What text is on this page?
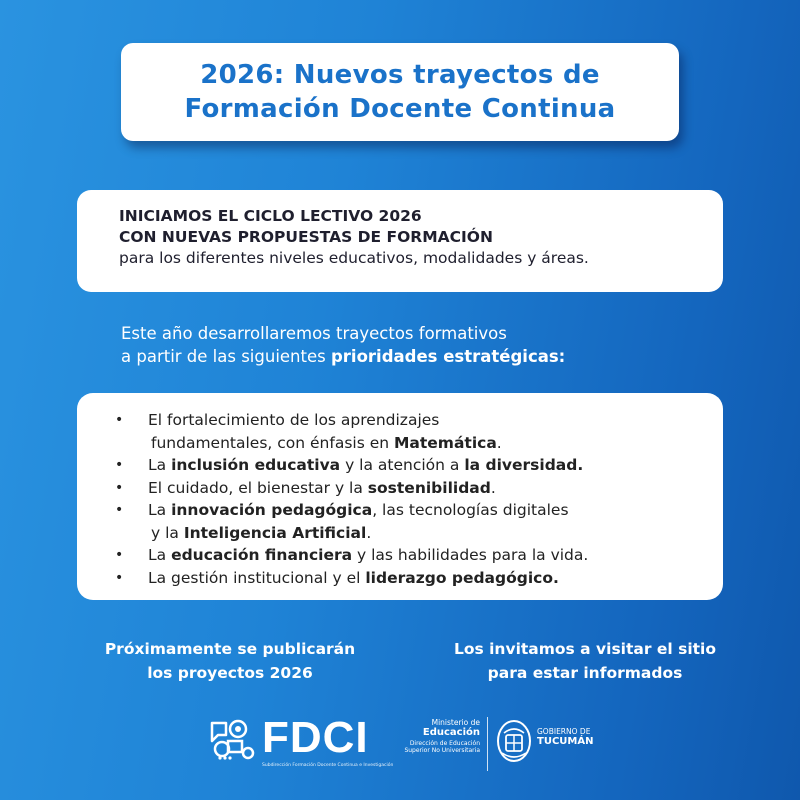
2026: Nuevos trayectos de
Formación Docente Continua
INICIAMOS EL CICLO LECTIVO 2026
CON NUEVAS PROPUESTAS DE FORMACIÓN
para los diferentes niveles educativos, modalidades y áreas.
Este año desarrollaremos trayectos formativos
a partir de las siguientes prioridades estratégicas:
• El fortalecimiento de los aprendizajes
fundamentales, con énfasis en Matemática.
• La inclusión educativa y la atención a la diversidad.
• El cuidado, el bienestar y la sostenibilidad.
• La innovación pedagógica, las tecnologías digitales
y la Inteligencia Artificial.
• La educación financiera y las habilidades para la vida.
• La gestión institucional y el liderazgo pedagógico.
Próximamente se publicarán
los proyectos 2026
Los invitamos a visitar el sitio
para estar informados
FDCI
Subdirección Formación Docente Continua e Investigación
Ministerio de
Educación
Dirección de Educación
Superior No Universitaria
GOBIERNO DE
TUCUMÁN
